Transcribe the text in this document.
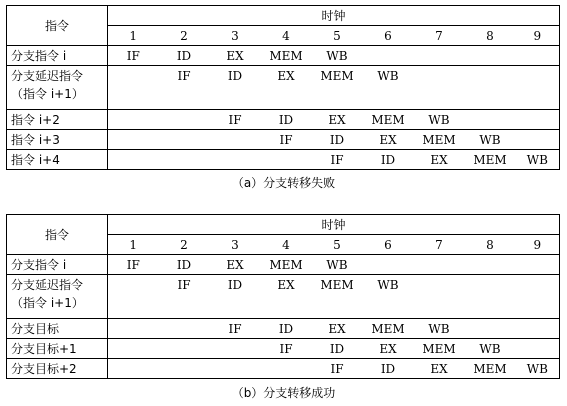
指令	时钟								
	1	2	3	4	5	6	7	8	9
分支指令 i	IF	ID	EX	MEM	WB				

分支延迟指令
（指令 i+1）		IF	ID	EX	MEM	WB			
指令 i+2			IF	ID	EX	MEM	WB		
指令 i+3				IF	ID	EX	MEM	WB	
指令 i+4					IF	ID	EX	MEM	WB
（a）分支转移失败
指令	时钟								
	1	2	3	4	5	6	7	8	9
分支指令 i	IF	ID	EX	MEM	WB				

分支延迟指令
（指令 i+1）		IF	ID	EX	MEM	WB			
分支目标			IF	ID	EX	MEM	WB		
分支目标+1				IF	ID	EX	MEM	WB	
分支目标+2					IF	ID	EX	MEM	WB
（b）分支转移成功
